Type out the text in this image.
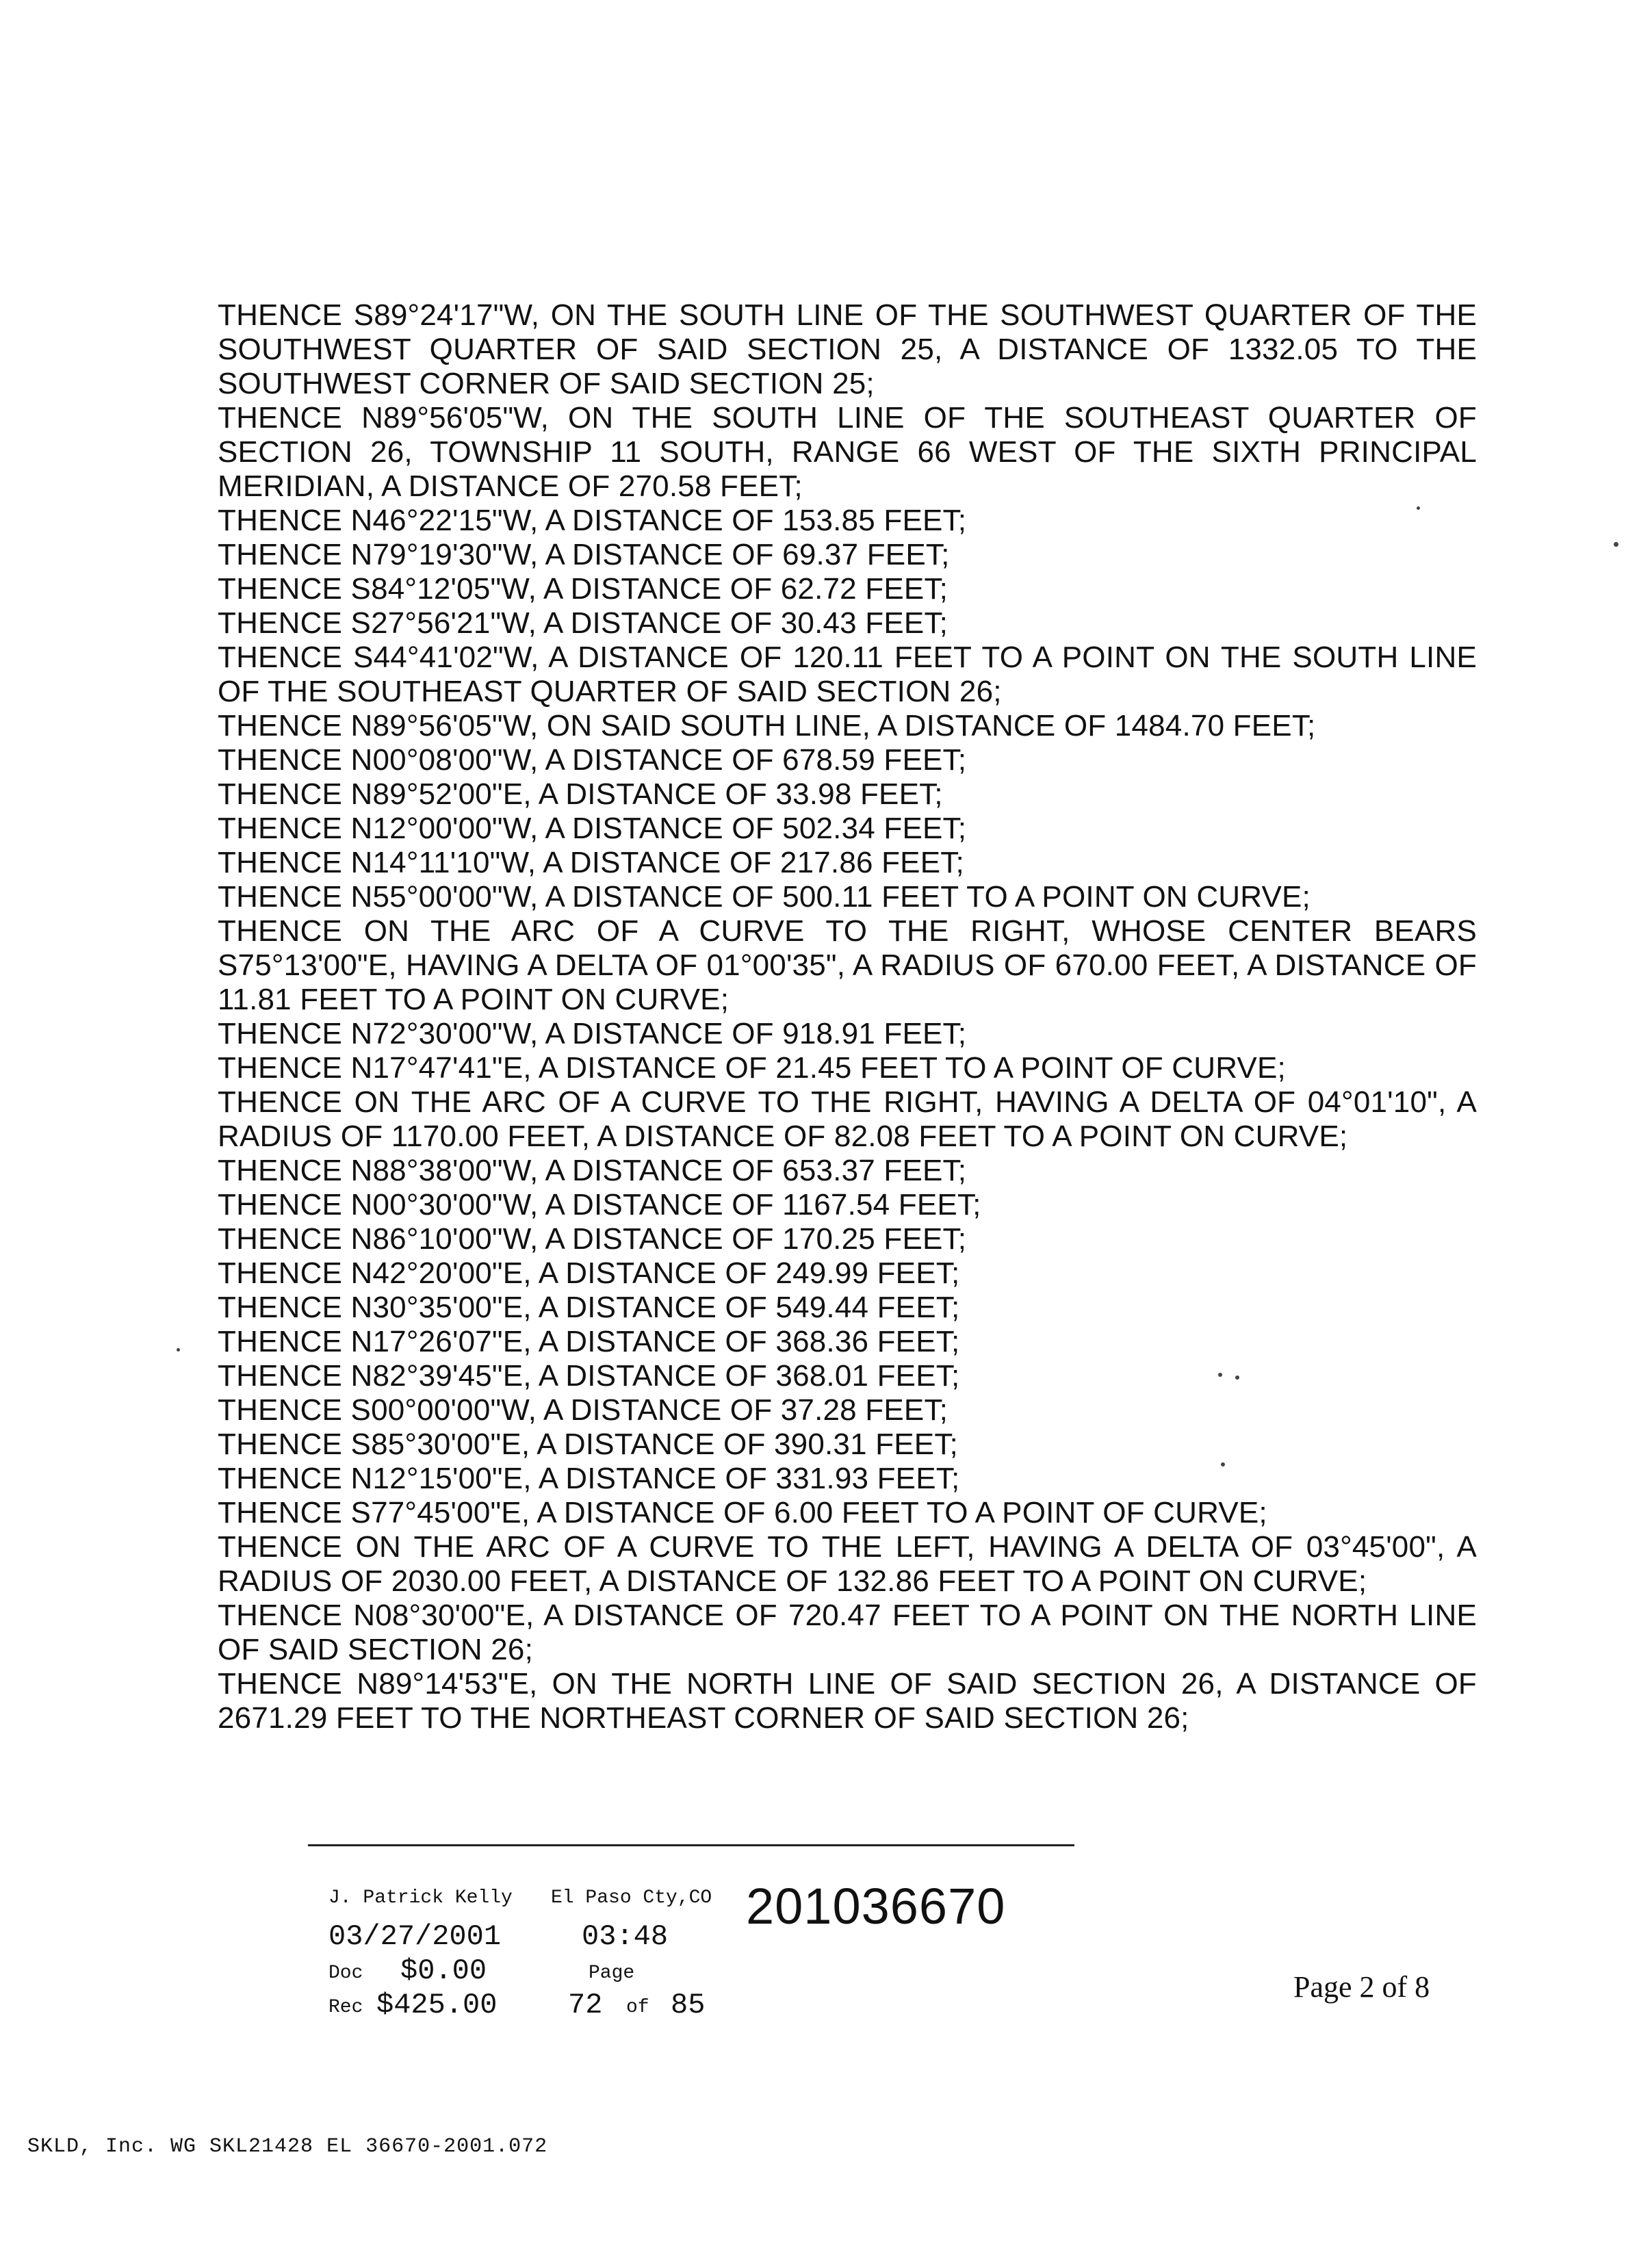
THENCE S89°24'17"W, ON THE SOUTH LINE OF THE SOUTHWEST QUARTER OF THE SOUTHWEST QUARTER OF SAID SECTION 25, A DISTANCE OF 1332.05 TO THE SOUTHWEST CORNER OF SAID SECTION 25;

THENCE N89°56'05"W, ON THE SOUTH LINE OF THE SOUTHEAST QUARTER OF SECTION 26, TOWNSHIP 11 SOUTH, RANGE 66 WEST OF THE SIXTH PRINCIPAL MERIDIAN, A DISTANCE OF 270.58 FEET;

THENCE N46°22'15"W, A DISTANCE OF 153.85 FEET;

THENCE N79°19'30"W, A DISTANCE OF 69.37 FEET;

THENCE S84°12'05"W, A DISTANCE OF 62.72 FEET;

THENCE S27°56'21"W, A DISTANCE OF 30.43 FEET;

THENCE S44°41'02"W, A DISTANCE OF 120.11 FEET TO A POINT ON THE SOUTH LINE OF THE SOUTHEAST QUARTER OF SAID SECTION 26;

THENCE N89°56'05"W, ON SAID SOUTH LINE, A DISTANCE OF 1484.70 FEET;

THENCE N00°08'00"W, A DISTANCE OF 678.59 FEET;

THENCE N89°52'00"E, A DISTANCE OF 33.98 FEET;

THENCE N12°00'00"W, A DISTANCE OF 502.34 FEET;

THENCE N14°11'10"W, A DISTANCE OF 217.86 FEET;

THENCE N55°00'00"W, A DISTANCE OF 500.11 FEET TO A POINT ON CURVE;

THENCE ON THE ARC OF A CURVE TO THE RIGHT, WHOSE CENTER BEARS S75°13'00"E, HAVING A DELTA OF 01°00'35", A RADIUS OF 670.00 FEET, A DISTANCE OF 11.81 FEET TO A POINT ON CURVE;

THENCE N72°30'00"W, A DISTANCE OF 918.91 FEET;

THENCE N17°47'41"E, A DISTANCE OF 21.45 FEET TO A POINT OF CURVE;

THENCE ON THE ARC OF A CURVE TO THE RIGHT, HAVING A DELTA OF 04°01'10", A RADIUS OF 1170.00 FEET, A DISTANCE OF 82.08 FEET TO A POINT ON CURVE;

THENCE N88°38'00"W, A DISTANCE OF 653.37 FEET;

THENCE N00°30'00"W, A DISTANCE OF 1167.54 FEET;

THENCE N86°10'00"W, A DISTANCE OF 170.25 FEET;

THENCE N42°20'00"E, A DISTANCE OF 249.99 FEET;

THENCE N30°35'00"E, A DISTANCE OF 549.44 FEET;

THENCE N17°26'07"E, A DISTANCE OF 368.36 FEET;

THENCE N82°39'45"E, A DISTANCE OF 368.01 FEET;

THENCE S00°00'00"W, A DISTANCE OF 37.28 FEET;

THENCE S85°30'00"E, A DISTANCE OF 390.31 FEET;

THENCE N12°15'00"E, A DISTANCE OF 331.93 FEET;

THENCE S77°45'00"E, A DISTANCE OF 6.00 FEET TO A POINT OF CURVE;

THENCE ON THE ARC OF A CURVE TO THE LEFT, HAVING A DELTA OF 03°45'00", A RADIUS OF 2030.00 FEET, A DISTANCE OF 132.86 FEET TO A POINT ON CURVE;

THENCE N08°30'00"E, A DISTANCE OF 720.47 FEET TO A POINT ON THE NORTH LINE OF SAID SECTION 26;

THENCE N89°14'53"E, ON THE NORTH LINE OF SAID SECTION 26, A DISTANCE OF 2671.29 FEET TO THE NORTHEAST CORNER OF SAID SECTION 26;

J. Patrick Kelly El Paso Cty,CO 201036670
03/27/2001	03:48
Doc $0.00	Page
Rec $425.00 72 of 85
Page 2 of 8
SKLD, Inc. WG SKL21428 EL 36670-2001.072
